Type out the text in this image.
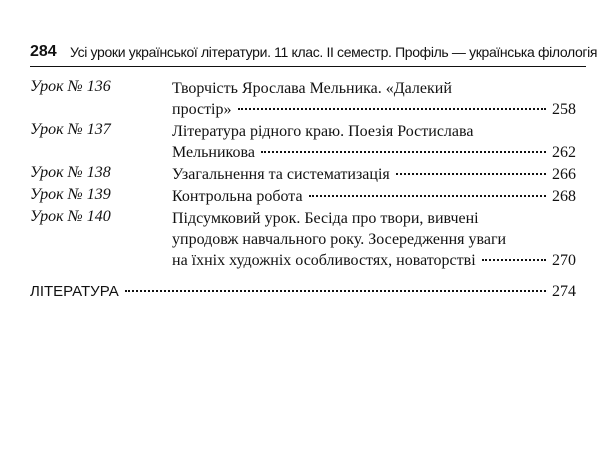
284 Усі уроки української літератури. 11 клас. ІІ семестр. Профіль — українська філологія
Урок № 136	Творчість Ярослава Мельника. «Далекий
простір»	258
Урок № 137	Література рідного краю. Поезія Ростислава
Мельникова	262
Урок № 138	Узагальнення та систематизація	266
Урок № 139	Контрольна робота	268
Урок № 140	Підсумковий урок. Бесіда про твори, вивчені
упродовж навчального року. Зосередження уваги
на їхніх художніх особливостях, новаторстві	270
ЛІТЕРАТУРА	274
